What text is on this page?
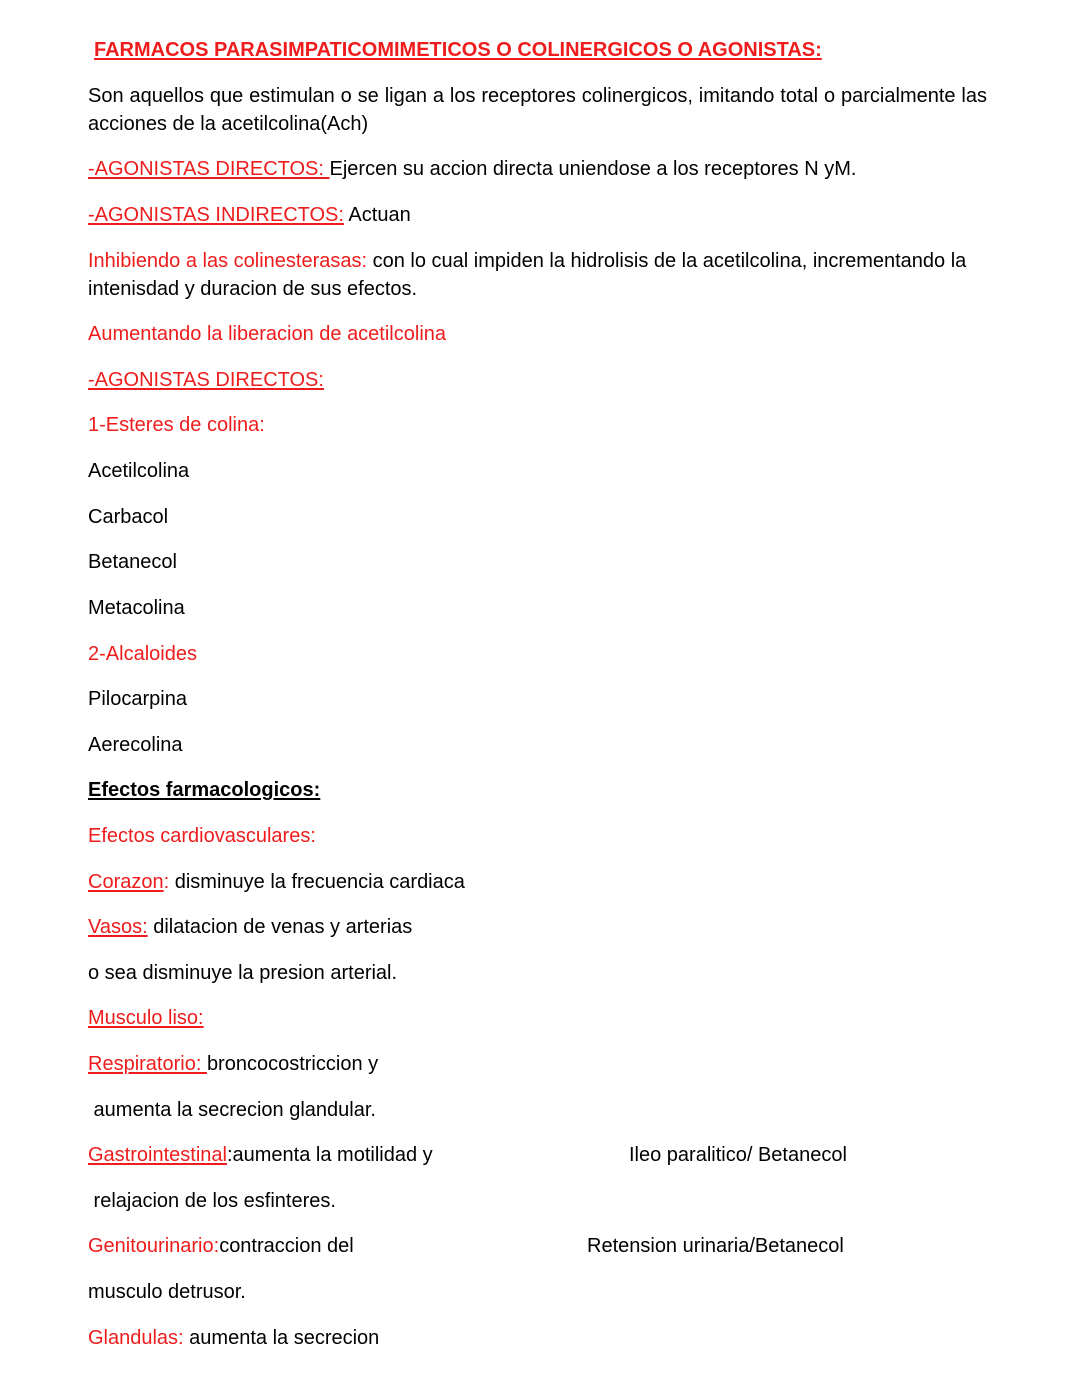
FARMACOS PARASIMPATICOMIMETICOS O COLINERGICOS O AGONISTAS:
Son aquellos que estimulan o se ligan a los receptores colinergicos, imitando total o parcialmente las acciones de la acetilcolina(Ach)
-AGONISTAS DIRECTOS: Ejercen su accion directa uniendose a los receptores N yM.
-AGONISTAS INDIRECTOS: Actuan
Inhibiendo a las colinesterasas: con lo cual impiden la hidrolisis de la acetilcolina, incrementando la intenisdad y duracion de sus efectos.
Aumentando la liberacion de acetilcolina
-AGONISTAS DIRECTOS:
1-Esteres de colina:
Acetilcolina
Carbacol
Betanecol
Metacolina
2-Alcaloides
Pilocarpina
Aerecolina
Efectos farmacologicos:
Efectos cardiovasculares:
Corazon: disminuye la frecuencia cardiaca
Vasos: dilatacion de venas y arterias
o sea disminuye la presion arterial.
Musculo liso:
Respiratorio: broncocostriccion y
aumenta la secrecion glandular.
Gastrointestinal:aumenta la motilidad y	Ileo paralitico/ Betanecol
relajacion de los esfinteres.
Genitourinario:contraccion del	Retension urinaria/Betanecol
musculo detrusor.
Glandulas: aumenta la secrecion
